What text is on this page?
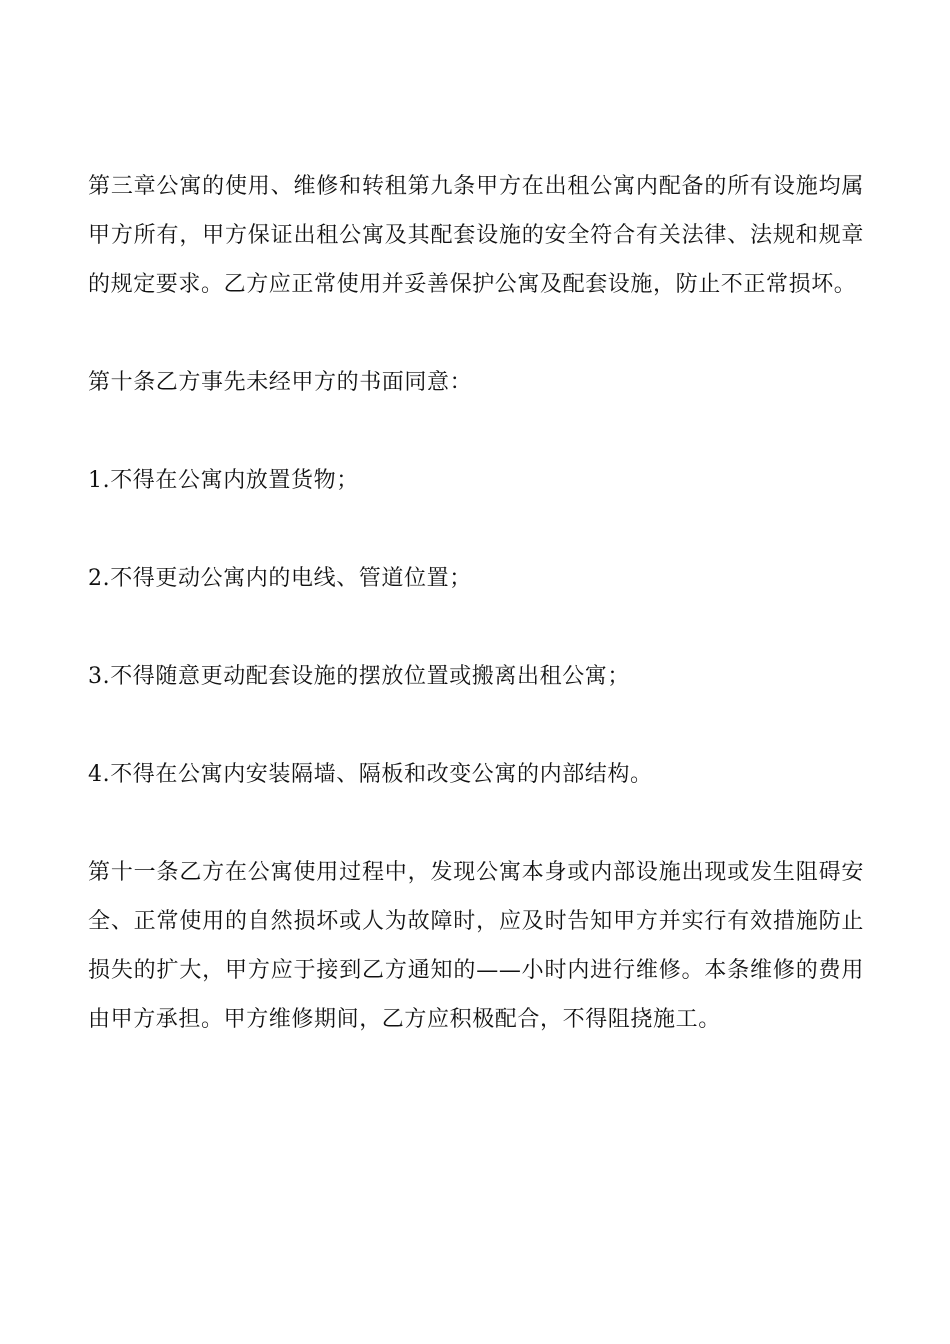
第三章公寓的使用、维修和转租第九条甲方在出租公寓内配备的所有设施均属甲方所有，甲方保证出租公寓及其配套设施的安全符合有关法律、法规和规章的规定要求。乙方应正常使用并妥善保护公寓及配套设施，防止不正常损坏。

第十条乙方事先未经甲方的书面同意：

1.不得在公寓内放置货物；

2.不得更动公寓内的电线、管道位置；

3.不得随意更动配套设施的摆放位置或搬离出租公寓；

4.不得在公寓内安装隔墙、隔板和改变公寓的内部结构。

第十一条乙方在公寓使用过程中，发现公寓本身或内部设施出现或发生阻碍安全、正常使用的自然损坏或人为故障时，应及时告知甲方并实行有效措施防止损失的扩大，甲方应于接到乙方通知的——小时内进行维修。本条维修的费用由甲方承担。甲方维修期间，乙方应积极配合，不得阻挠施工。
